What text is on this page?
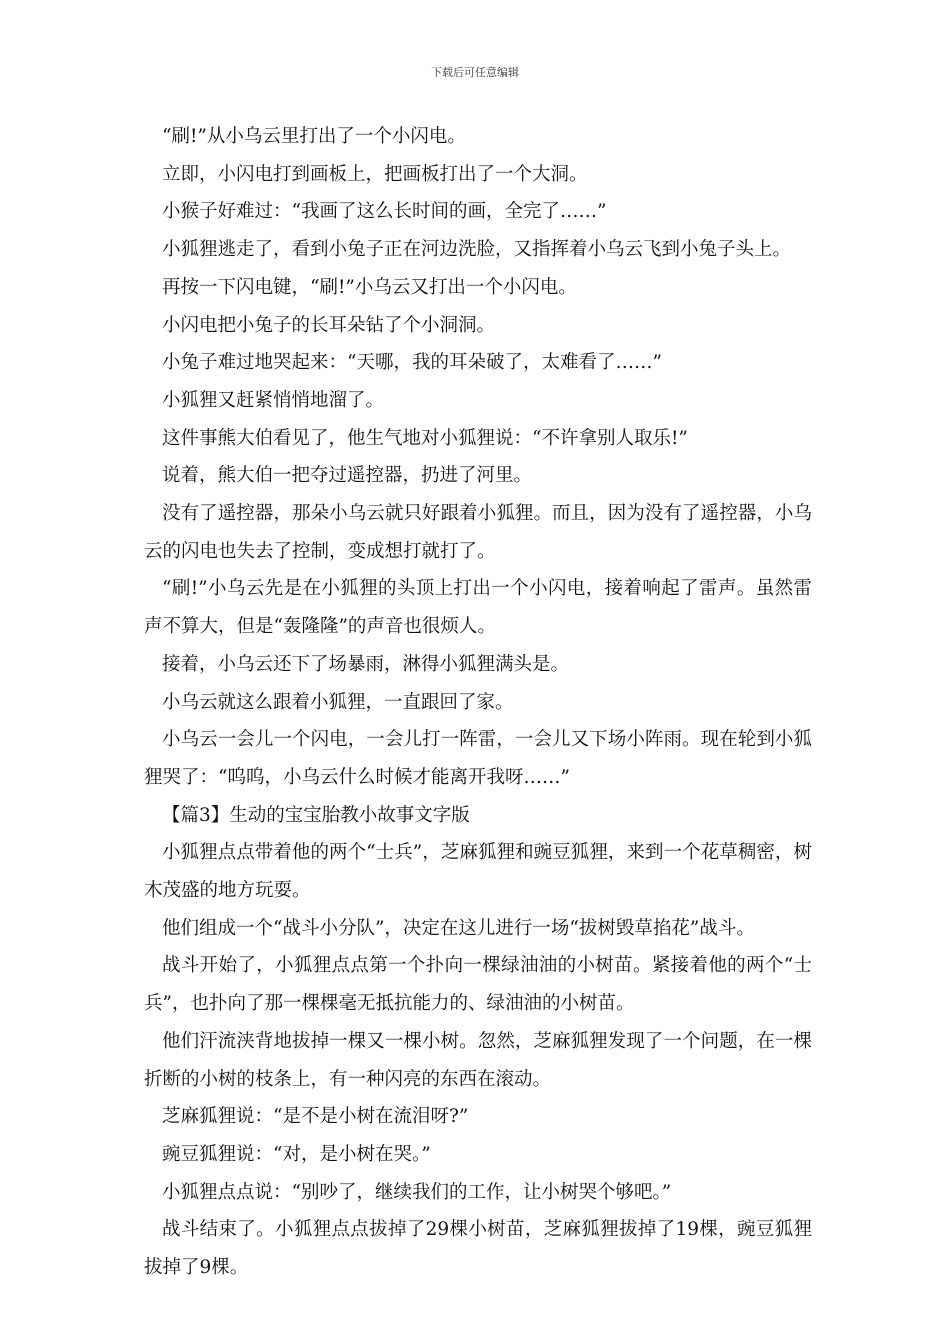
下载后可任意编辑

“刷!”从小乌云里打出了一个小闪电。

立即，小闪电打到画板上，把画板打出了一个大洞。

小猴子好难过：“我画了这么长时间的画，全完了……”

小狐狸逃走了，看到小兔子正在河边洗脸，又指挥着小乌云飞到小兔子头上。

再按一下闪电键，“刷!”小乌云又打出一个小闪电。

小闪电把小兔子的长耳朵钻了个小洞洞。

小兔子难过地哭起来：“天哪，我的耳朵破了，太难看了……”

小狐狸又赶紧悄悄地溜了。

这件事熊大伯看见了，他生气地对小狐狸说：“不许拿别人取乐!”

说着，熊大伯一把夺过遥控器，扔进了河里。

没有了遥控器，那朵小乌云就只好跟着小狐狸。而且，因为没有了遥控器，小乌云的闪电也失去了控制，变成想打就打了。

“刷!”小乌云先是在小狐狸的头顶上打出一个小闪电，接着响起了雷声。虽然雷声不算大，但是“轰隆隆”的声音也很烦人。

接着，小乌云还下了场暴雨，淋得小狐狸满头是。

小乌云就这么跟着小狐狸，一直跟回了家。

小乌云一会儿一个闪电，一会儿打一阵雷，一会儿又下场小阵雨。现在轮到小狐狸哭了：“呜呜，小乌云什么时候才能离开我呀……”

【篇3】生动的宝宝胎教小故事文字版

小狐狸点点带着他的两个“士兵”，芝麻狐狸和豌豆狐狸，来到一个花草稠密，树木茂盛的地方玩耍。

他们组成一个“战斗小分队”，决定在这儿进行一场“拔树毁草掐花”战斗。

战斗开始了，小狐狸点点第一个扑向一棵绿油油的小树苗。紧接着他的两个“士兵”，也扑向了那一棵棵毫无抵抗能力的、绿油油的小树苗。

他们汗流浃背地拔掉一棵又一棵小树。忽然，芝麻狐狸发现了一个问题，在一棵折断的小树的枝条上，有一种闪亮的东西在滚动。

芝麻狐狸说：“是不是小树在流泪呀?”

豌豆狐狸说：“对，是小树在哭。”

小狐狸点点说：“别吵了，继续我们的工作，让小树哭个够吧。”

战斗结束了。小狐狸点点拔掉了29棵小树苗，芝麻狐狸拔掉了19棵，豌豆狐狸拔掉了9棵。
